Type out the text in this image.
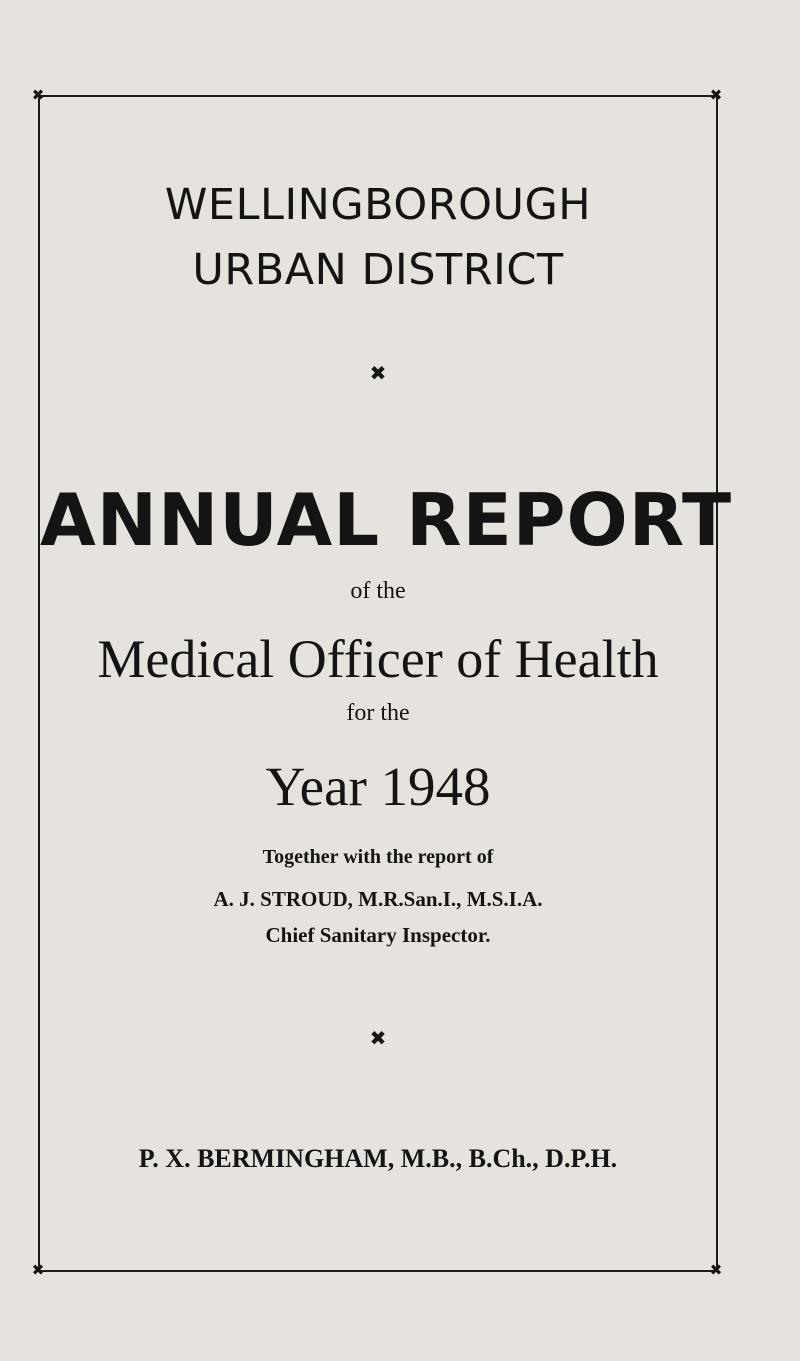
✖	✖
✖	✖
WELLINGBOROUGH
URBAN DISTRICT
✖
ANNUAL REPORT
of the
Medical Officer of Health
for the
Year 1948
Together with the report of
A. J. STROUD, M.R.San.I., M.S.I.A.
Chief Sanitary Inspector.
✖
P. X. BERMINGHAM, M.B., B.Ch., D.P.H.
